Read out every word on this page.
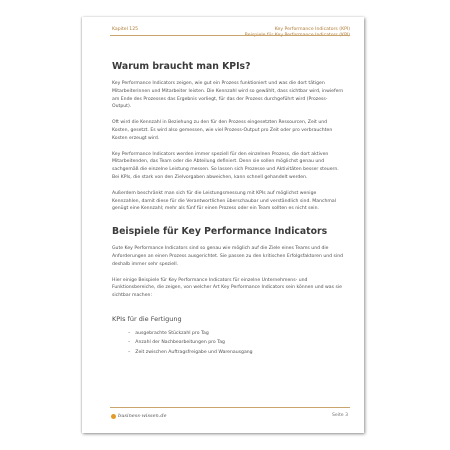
Kapitel 125	Key Performance Indicators (KPI)
Beispiele für Key Performance Indicators (KPI)
Warum braucht man KPIs?

Key Performance Indicators zeigen, wie gut ein Prozess funktioniert und was die dort tätigen Mitarbeiterinnen und Mitarbeiter leisten. Die Kennzahl wird so gewählt, dass sichtbar wird, inwiefern am Ende des Prozesses das Ergebnis vorliegt, für das der Prozess durchgeführt wird (Prozess-Output).

Oft wird die Kennzahl in Beziehung zu den für den Prozess eingesetzten Ressourcen, Zeit und Kosten, gesetzt. Es wird also gemessen, wie viel Prozess-Output pro Zeit oder pro verbrauchten Kosten erzeugt wird.

Key Performance Indicators werden immer speziell für den einzelnen Prozess, die dort aktiven Mitarbeitenden, das Team oder die Abteilung definiert. Denn sie sollen möglichst genau und sachgemäß die einzelne Leistung messen. So lassen sich Prozesse und Aktivitäten besser steuern. Bei KPIs, die stark von den Zielvorgaben abweichen, kann schnell gehandelt werden.

Außerdem beschränkt man sich für die Leistungsmessung mit KPIs auf möglichst wenige Kennzahlen, damit diese für die Verantwortlichen überschaubar und verständlich sind. Manchmal genügt eine Kennzahl; mehr als fünf für einen Prozess oder ein Team sollten es nicht sein.

Beispiele für Key Performance Indicators

Gute Key Performance Indicators sind so genau wie möglich auf die Ziele eines Teams und die Anforderungen an einen Prozess ausgerichtet. Sie passen zu den kritischen Erfolgsfaktoren und sind deshalb immer sehr speziell.

Hier einige Beispiele für Key Performance Indicators für einzelne Unternehmens- und Funktionsbereiche, die zeigen, von welcher Art Key Performance Indicators sein können und was sie sichtbar machen:

KPIs für die Fertigung
– ausgebrachte Stückzahl pro Tag
– Anzahl der Nachbearbeitungen pro Tag
– Zeit zwischen Auftragsfreigabe und Warenausgang
business-wissen.de	Seite 3
